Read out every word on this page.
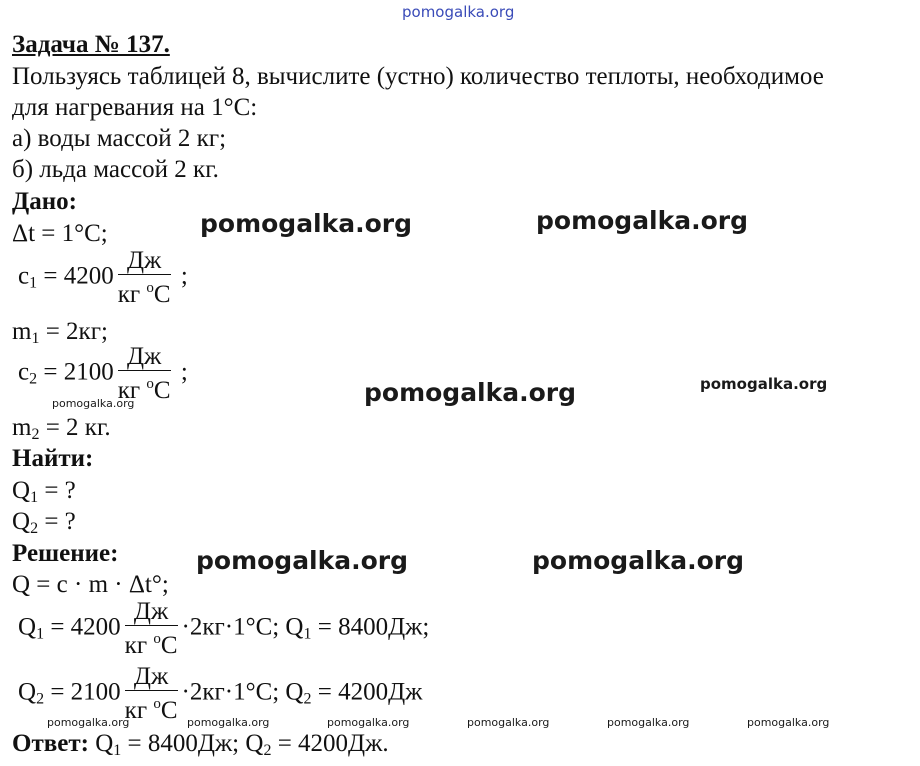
pomogalka.org
Задача № 137.
Пользуясь таблицей 8, вычислите (устно) количество теплоты, необходимое
для нагревания на 1°С:
а) воды массой 2 кг;
б) льда массой 2 кг.
Дано:
Δt = 1°С;
$c_1 = 4200 \frac{Дж}{кг ^oC}$ ;
$m_1 = 2кг$;
$c_2 = 2100 \frac{Дж}{кг ^oC}$ ;
$m_2 = 2$ кг.
Найти:
$Q_1$ = ?
$Q_2$ = ?
Решение:
Q = c · m · Δt°;
$Q_1 = 4200 \frac{Дж}{кг ^oC} \cdot 2кг\cdot 1^\circ С$; $Q_1 = 8400Дж$;
$Q_2 = 2100 \frac{Дж}{кг ^oC} \cdot 2кг\cdot 1^\circ С$; $Q_2 = 4200Дж$
Ответ: $Q_1 = 8400Дж$; $Q_2 = 4200Дж$.
pomogalka.org	pomogalka.org
pomogalka.org	pomogalka.org
pomogalka.org
pomogalka.org	pomogalka.org
pomogalka.org	pomogalka.org	pomogalka.org	pomogalka.org	pomogalka.org	pomogalka.org
